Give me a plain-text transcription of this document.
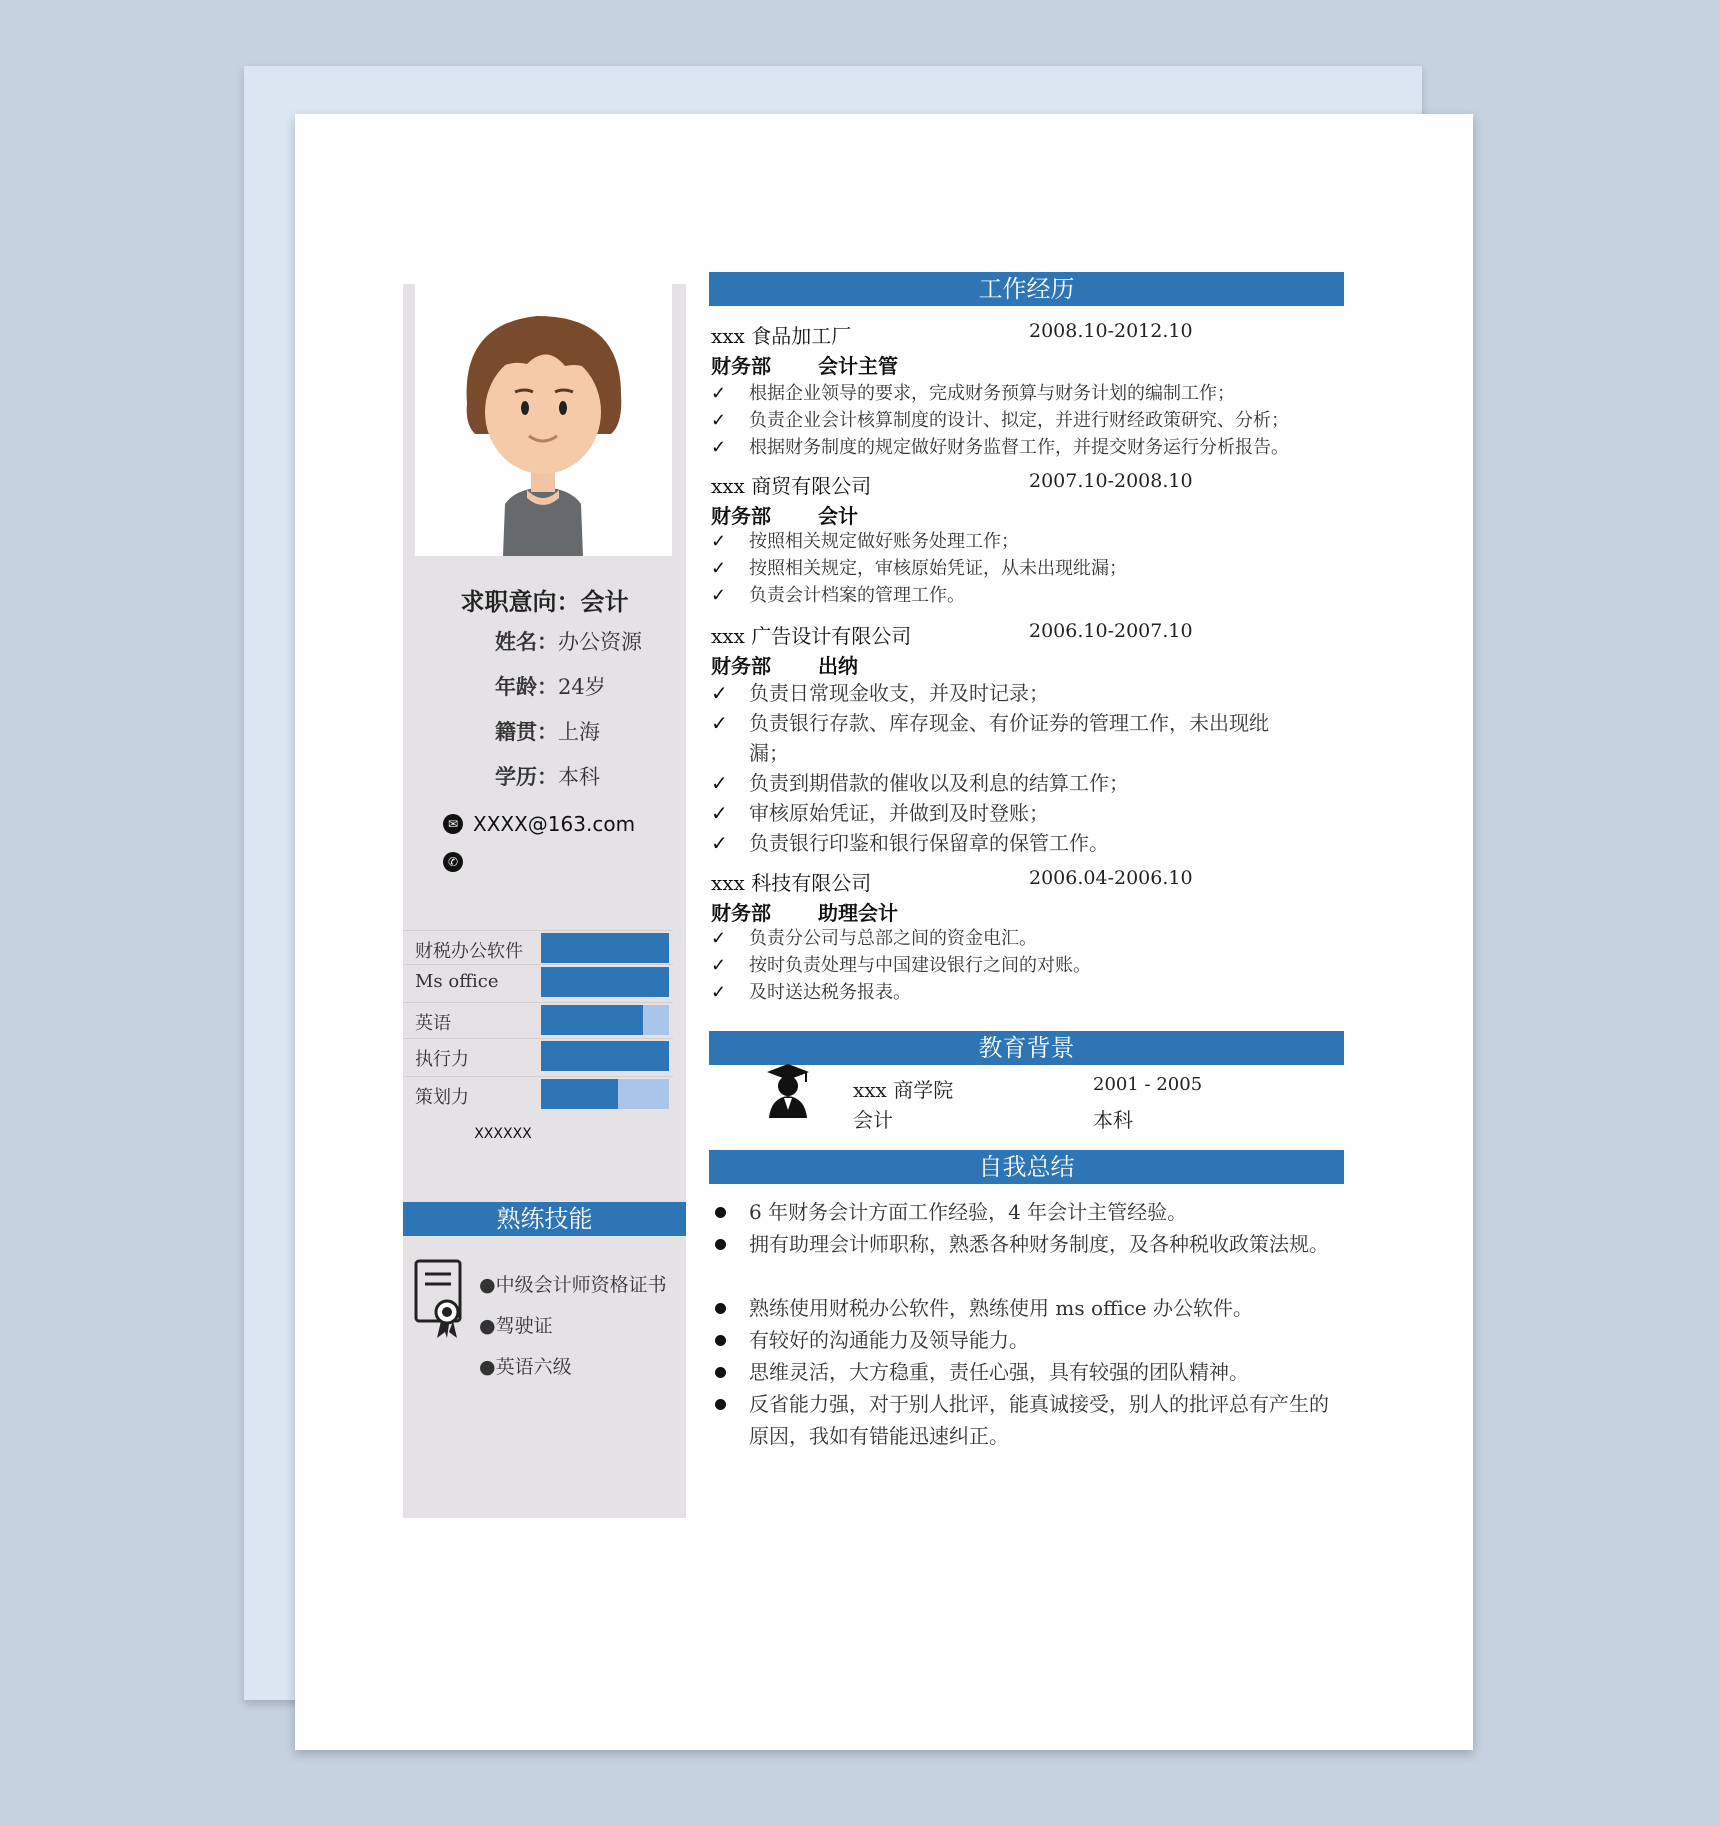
求职意向：会计
姓名：办公资源
年龄：24岁
籍贯：上海
学历：本科
✉ XXXX@163.com
✆
财税办公软件
Ms office
英语
执行力
策划力
XXXXXX
熟练技能
●中级会计师资格证书
●驾驶证
●英语六级
工作经历
xxx 食品加工厂	2008.10-2012.10
财务部 会计主管
✓ 根据企业领导的要求，完成财务预算与财务计划的编制工作；
✓ 负责企业会计核算制度的设计、拟定，并进行财经政策研究、分析；
✓ 根据财务制度的规定做好财务监督工作，并提交财务运行分析报告。
xxx 商贸有限公司	2007.10-2008.10
财务部 会计
✓ 按照相关规定做好账务处理工作；
✓ 按照相关规定，审核原始凭证，从未出现纰漏；
✓ 负责会计档案的管理工作。
xxx 广告设计有限公司	2006.10-2007.10
财务部 出纳
✓ 负责日常现金收支，并及时记录；
✓ 负责银行存款、库存现金、有价证券的管理工作，未出现纰漏；
✓ 负责到期借款的催收以及利息的结算工作；
✓ 审核原始凭证，并做到及时登账；
✓ 负责银行印鉴和银行保留章的保管工作。
xxx 科技有限公司	2006.04-2006.10
财务部 助理会计
✓ 负责分公司与总部之间的资金电汇。
✓ 按时负责处理与中国建设银行之间的对账。
✓ 及时送达税务报表。
教育背景
xxx 商学院	2001 - 2005
会计	本科
自我总结
6 年财务会计方面工作经验，4 年会计主管经验。
拥有助理会计师职称，熟悉各种财务制度，及各种税收政策法规。
熟练使用财税办公软件，熟练使用 ms office 办公软件。
有较好的沟通能力及领导能力。
思维灵活，大方稳重，责任心强，具有较强的团队精神。
反省能力强，对于别人批评，能真诚接受，别人的批评总有产生的原因，我如有错能迅速纠正。
